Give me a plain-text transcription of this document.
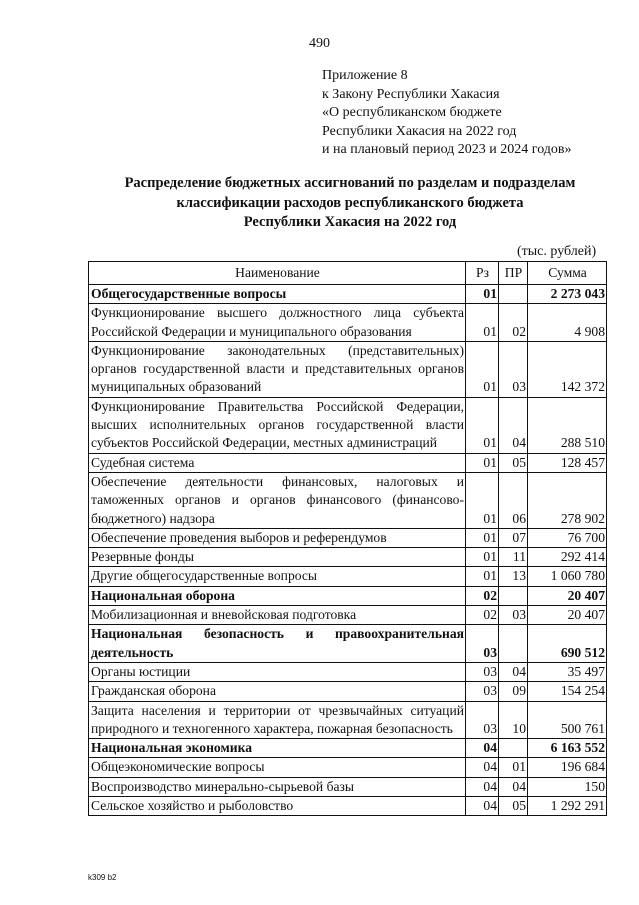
490
Приложение 8
к Закону Республики Хакасия
«О республиканском бюджете
Республики Хакасия на 2022 год
и на плановый период 2023 и 2024 годов»
Распределение бюджетных ассигнований по разделам и подразделам
классификации расходов республиканского бюджета
Республики Хакасия на 2022 год
(тыс. рублей)
Наименование	Рз	ПР	Сумма
Общегосударственные вопросы	01		2 273 043
Функционирование высшего должностного лица субъекта Российской Федерации и муниципального образования	01	02	4 908
Функционирование законодательных (представительных) органов государственной власти и представительных органов муниципальных образований	01	03	142 372
Функционирование Правительства Российской Федерации, высших исполнительных органов государственной власти субъектов Российской Федерации, местных администраций	01	04	288 510
Судебная система	01	05	128 457
Обеспечение деятельности финансовых, налоговых и таможенных органов и органов финансового (финансово-бюджетного) надзора	01	06	278 902
Обеспечение проведения выборов и референдумов	01	07	76 700
Резервные фонды	01	11	292 414
Другие общегосударственные вопросы	01	13	1 060 780
Национальная оборона	02		20 407
Мобилизационная и вневойсковая подготовка	02	03	20 407
Национальная безопасность и правоохранительная деятельность	03		690 512
Органы юстиции	03	04	35 497
Гражданская оборона	03	09	154 254
Защита населения и территории от чрезвычайных ситуаций природного и техногенного характера, пожарная безопасность	03	10	500 761
Национальная экономика	04		6 163 552
Общеэкономические вопросы	04	01	196 684
Воспроизводство минерально-сырьевой базы	04	04	150
Сельское хозяйство и рыболовство	04	05	1 292 291
k309 b2
